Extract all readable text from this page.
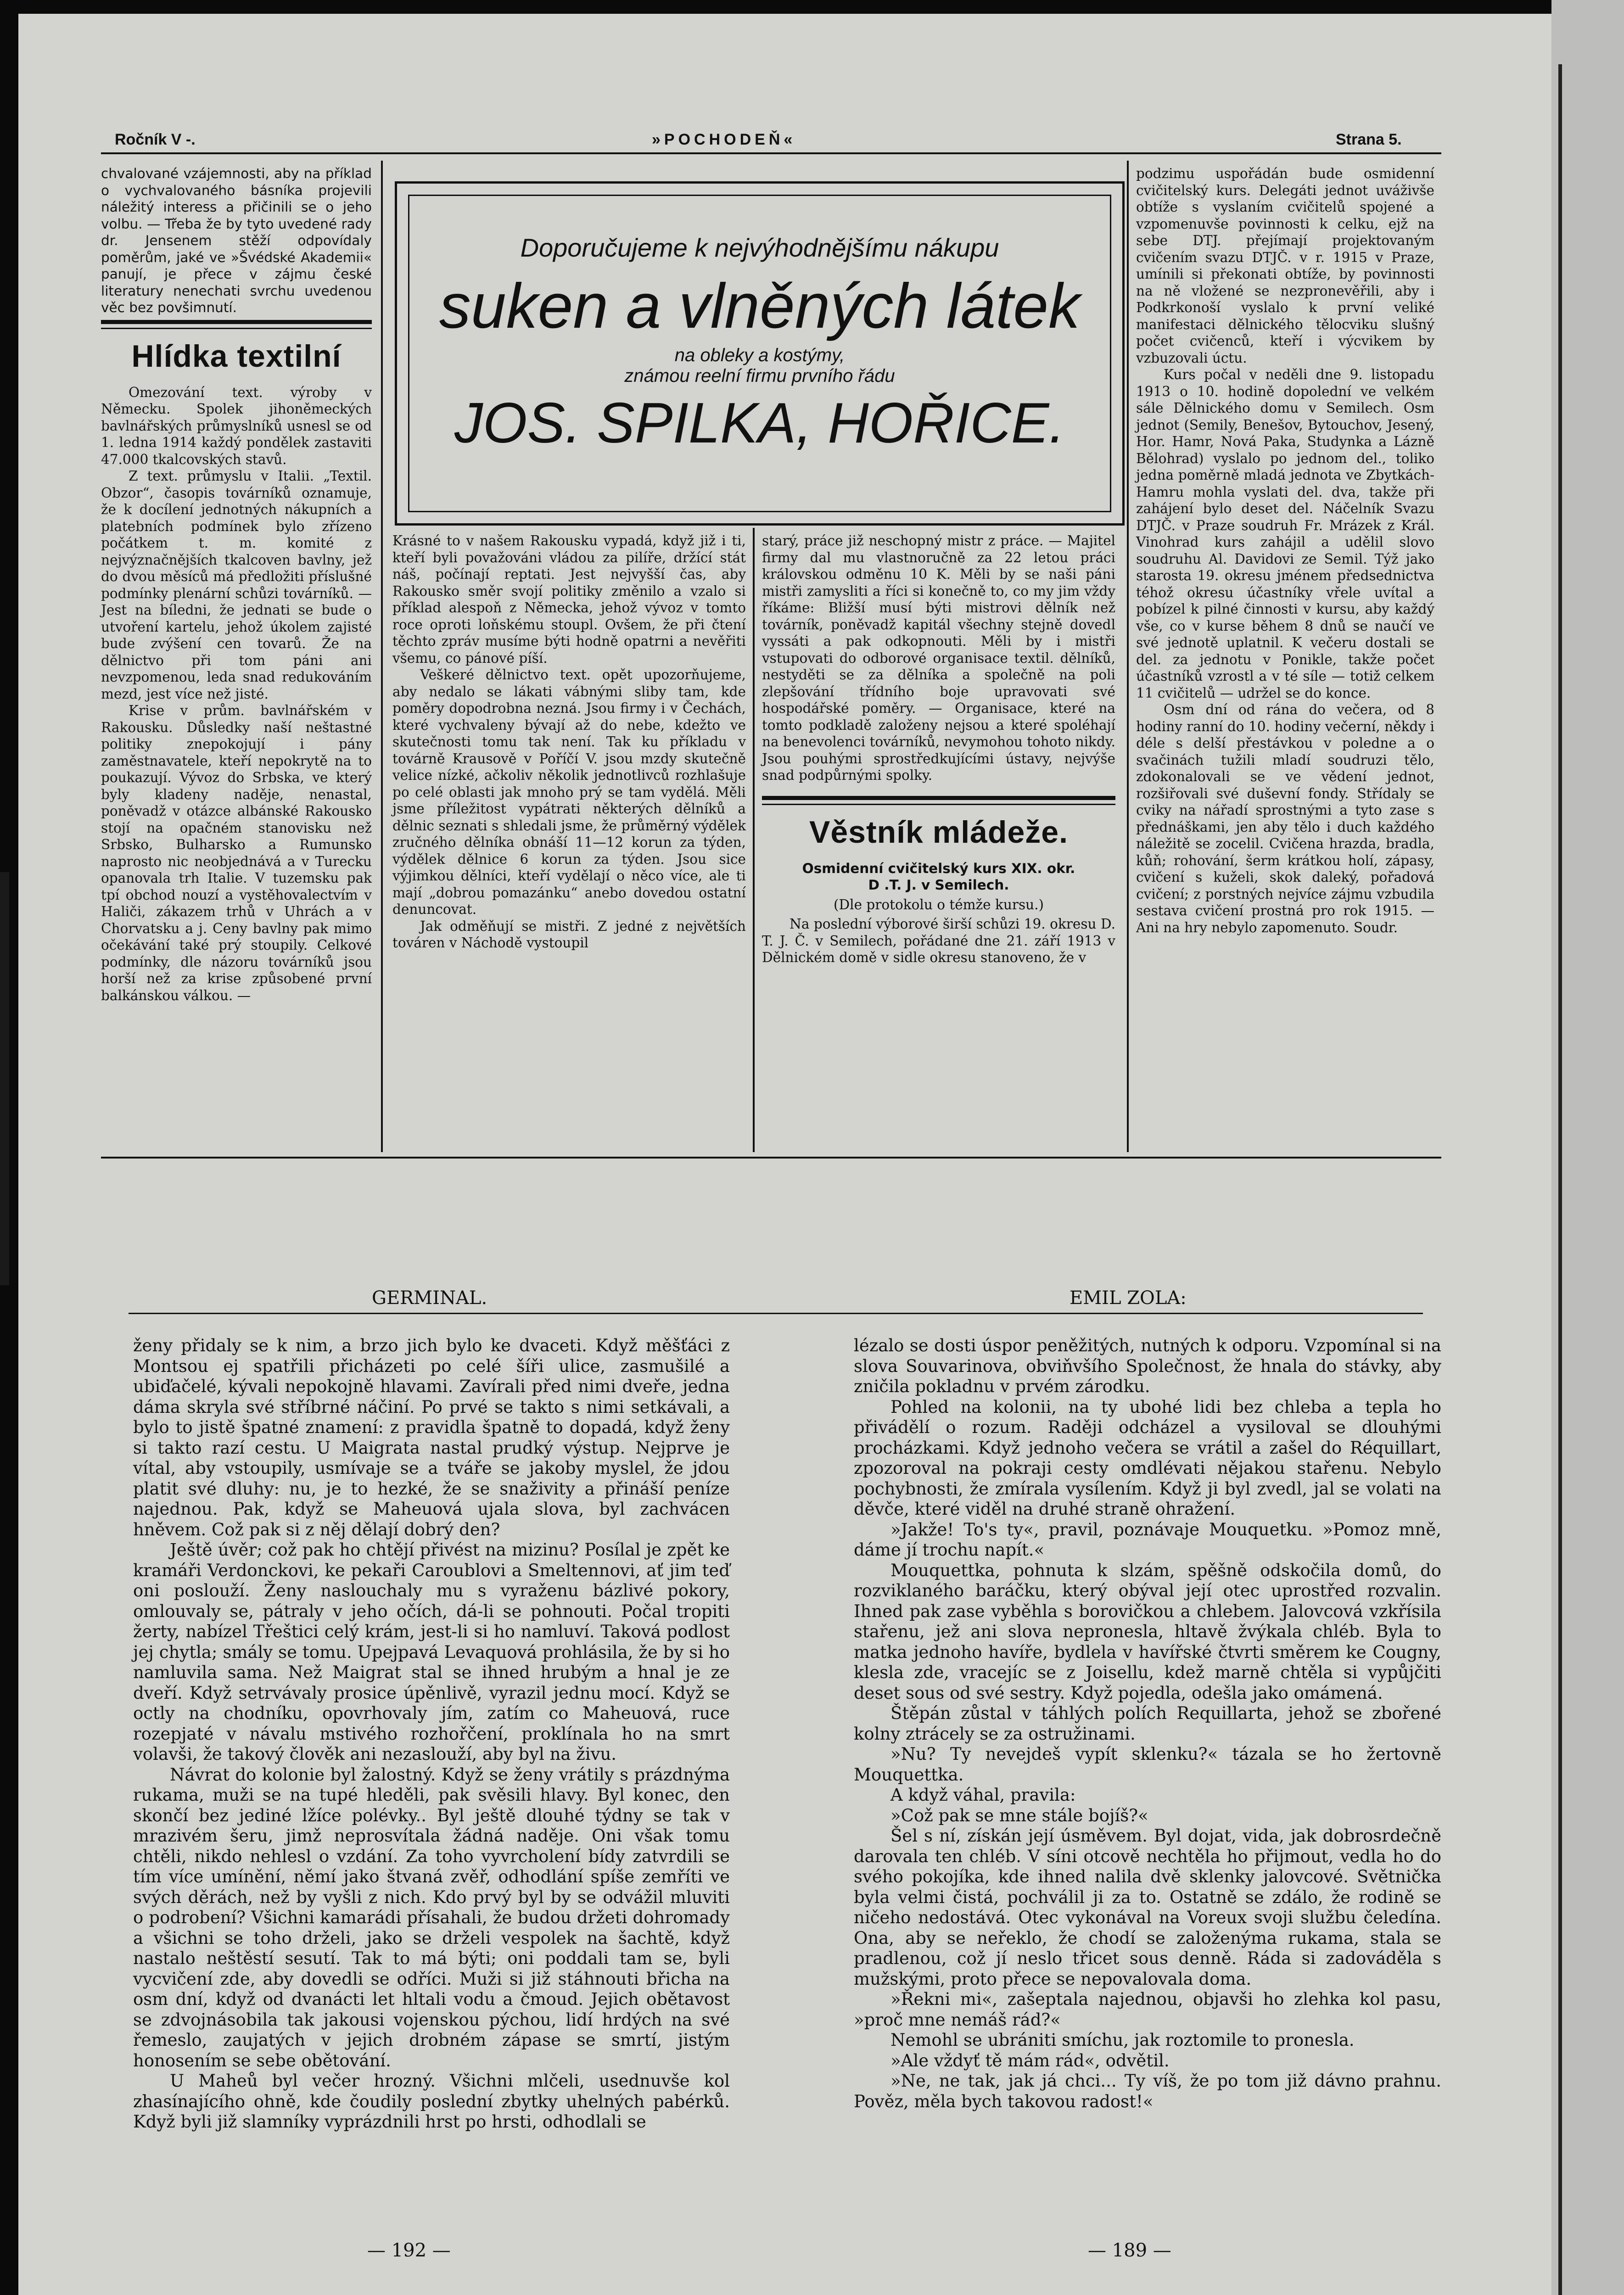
Ročník V -.	»POCHODEŇ«	Strana 5.

chvalované vzájemnosti, aby na příklad o vychvalovaného básníka projevili náležitý interess a přičinili se o jeho volbu. — Třeba že by tyto uvedené rady dr. Jensenem stěží odpovídaly poměrům, jaké ve »Švédské Akademii« panují, je přece v zájmu české literatury nenechati svrchu uvedenou věc bez povšimnutí.

Hlídka textilní

Omezování text. výroby v Německu. Spolek jihoněmeckých bavlnářských průmyslníků usnesl se od 1. ledna 1914 každý pondělek zastaviti 47.000 tkalcovských stavů.

Z text. průmyslu v Italii. „Textil. Obzor“, časopis továrníků oznamuje, že k docílení jednotných nákupních a platebních podmínek bylo zřízeno počátkem t. m. komité z nejvýznačnějších tkalcoven bavlny, jež do dvou měsíců má předložiti příslušné podmínky plenární schůzi továrníků. — Jest na bíledni, že jednati se bude o utvoření kartelu, jehož úkolem zajisté bude zvýšení cen tovarů. Že na dělnictvo při tom páni ani nevzpomenou, leda snad redukováním mezd, jest více než jisté.

Krise v prům. bavlnářském v Rakousku. Důsledky naší neštastné politiky znepokojují i pány zaměstnavatele, kteří nepokrytě na to poukazují. Vývoz do Srbska, ve který byly kladeny naděje, nenastal, poněvadž v otázce albánské Rakousko stojí na opačném stanovisku než Srbsko, Bulharsko a Rumunsko naprosto nic neobjednává a v Turecku opanovala trh Italie. V tuzemsku pak tpí obchod nouzí a vystěhovalectvím v Haliči, zákazem trhů v Uhrách a v Chorvatsku a j. Ceny bavlny pak mimo očekávání také prý stoupily. Celkové podmínky, dle názoru továrníků jsou horší než za krise způsobené první balkánskou válkou. —

Doporučujeme k nejvýhodnějšímu nákupu
suken a vlněných látek
na obleky a kostýmy,
známou reelní firmu prvního řádu
JOS. SPILKA, HOŘICE.

Krásné to v našem Rakousku vypadá, když již i ti, kteří byli považováni vládou za pilíře, držící stát náš, počínají reptati. Jest nejvyšší čas, aby Rakousko směr svojí politiky změnilo a vzalo si příklad alespoň z Německa, jehož vývoz v tomto roce oproti loňskému stoupl. Ovšem, že při čtení těchto zpráv musíme býti hodně opatrni a nevěřiti všemu, co pánové píší.

Veškeré dělnictvo text. opět upozorňujeme, aby nedalo se lákati vábnými sliby tam, kde poměry dopodrobna nezná. Jsou firmy i v Čechách, které vychvaleny bývají až do nebe, kdežto ve skutečnosti tomu tak není. Tak ku příkladu v továrně Krausově v Poříčí V. jsou mzdy skutečně velice nízké, ačkoliv několik jednotlivců rozhlašuje po celé oblasti jak mnoho prý se tam vydělá. Měli jsme příležitost vypátrati některých dělníků a dělnic seznati s shledali jsme, že průměrný výdělek zručného dělníka obnáší 11—12 korun za týden, výdělek dělnice 6 korun za týden. Jsou sice výjimkou dělníci, kteří vydělají o něco více, ale ti mají „dobrou pomazánku“ anebo dovedou ostatní denuncovat.

Jak odměňují se mistři. Z jedné z největších továren v Náchodě vystoupil

starý, práce již neschopný mistr z práce. — Majitel firmy dal mu vlastnoručně za 22 letou práci královskou odměnu 10 K. Měli by se naši páni mistři zamysliti a říci si konečně to, co my jim vždy říkáme: Bližší musí býti mistrovi dělník než továrník, poněvadž kapitál všechny stejně dovedl vyssáti a pak odkopnouti. Měli by i mistři vstupovati do odborové organisace textil. dělníků, nestyděti se za dělníka a společně na poli zlepšování třídního boje upravovati své hospodářské poměry. — Organisace, které na tomto podkladě založeny nejsou a které spoléhají na benevolenci továrníků, nevymohou tohoto nikdy. Jsou pouhými sprostředkujícími ústavy, nejvýše snad podpůrnými spolky.

Věstník mládeže.
Osmidenní cvičitelský kurs XIX. okr.
D .T. J. v Semilech.
(Dle protokolu o témže kursu.)

Na poslední výborové širší schůzi 19. okresu D. T. J. Č. v Semilech, pořádané dne 21. září 1913 v Dělnickém domě v sidle okresu stanoveno, že v

podzimu uspořádán bude osmidenní cvičitelský kurs. Delegáti jednot uváživše obtíže s vyslaním cvičitelů spojené a vzpomenuvše povinnosti k celku, ejž na sebe DTJ. přejímají projektovaným cvičením svazu DTJČ. v r. 1915 v Praze, umínili si překonati obtíže, by povinnosti na ně vložené se nezpronevěřili, aby i Podkrkonoší vyslalo k první veliké manifestaci dělnického tělocviku slušný počet cvičenců, kteří i výcvikem by vzbuzovali úctu.

Kurs počal v neděli dne 9. listopadu 1913 o 10. hodině dopolední ve velkém sále Dělnického domu v Semilech. Osm jednot (Semily, Benešov, Bytouchov, Jesený, Hor. Hamr, Nová Paka, Studynka a Lázně Bělohrad) vyslalo po jednom del., toliko jedna poměrně mladá jednota ve Zbytkách-Hamru mohla vyslati del. dva, takže při zahájení bylo deset del. Náčelník Svazu DTJČ. v Praze soudruh Fr. Mrázek z Král. Vinohrad kurs zahájil a udělil slovo soudruhu Al. Davidovi ze Semil. Týž jako starosta 19. okresu jménem předsednictva téhož okresu účastníky vřele uvítal a pobízel k pilné činnosti v kursu, aby každý vše, co v kurse během 8 dnů se naučí ve své jednotě uplatnil. K večeru dostali se del. za jednotu v Ponikle, takže počet účastníků vzrostl a v té síle — totiž celkem 11 cvičitelů — udržel se do konce.

Osm dní od rána do večera, od 8 hodiny ranní do 10. hodiny večerní, někdy i déle s delší přestávkou v poledne a o svačinách tužili mladí soudruzi tělo, zdokonalovali se ve vědení jednot, rozšiřovali své duševní fondy. Střídaly se cviky na nářadí sprostnými a tyto zase s přednáškami, jen aby tělo i duch každého náležitě se zocelil. Cvičena hrazda, bradla, kůň; rohování, šerm krátkou holí, zápasy, cvičení s kuželi, skok daleký, pořadová cvičení; z porstných nejvíce zájmu vzbudila sestava cvičení prostná pro rok 1915. — Ani na hry nebylo zapomenuto. Soudr.

GERMINAL.	EMIL ZOLA:

ženy přidaly se k nim, a brzo jich bylo ke dvaceti. Když měšťáci z Montsou ej spatřili přicházeti po celé šíři ulice, zasmušilé a ubiďačelé, kývali nepokojně hlavami. Zavírali před nimi dveře, jedna dáma skryla své stříbrné náčiní. Po prvé se takto s nimi setkávali, a bylo to jistě špatné znamení: z pravidla špatně to dopadá, když ženy si takto razí cestu. U Maigrata nastal prudký výstup. Nejprve je vítal, aby vstoupily, usmívaje se a tváře se jakoby myslel, že jdou platit své dluhy: nu, je to hezké, že se snaživity a přináší peníze najednou. Pak, když se Maheuová ujala slova, byl zachvácen hněvem. Což pak si z něj dělají dobrý den?

Ještě úvěr; což pak ho chtějí přivést na mizinu? Posílal je zpět ke kramáři Verdonckovi, ke pekaři Caroublovi a Smeltennovi, ať jim teď oni poslouží. Ženy naslouchaly mu s vyraženu bázlivé pokory, omlouvaly se, pátraly v jeho očích, dá-li se pohnouti. Počal tropiti žerty, nabízel Třeštici celý krám, jest-li si ho namluví. Taková podlost jej chytla; smály se tomu. Upejpavá Levaquová prohlásila, že by si ho namluvila sama. Než Maigrat stal se ihned hrubým a hnal je ze dveří. Když setrvávaly prosice úpěnlivě, vyrazil jednu mocí. Když se octly na chodníku, opovrhovaly jím, zatím co Maheuová, ruce rozepjaté v návalu mstivého rozhořčení, proklínala ho na smrt volavši, že takový člověk ani nezaslouží, aby byl na živu.

Návrat do kolonie byl žalostný. Když se ženy vrátily s prázdnýma rukama, muži se na tupé hleděli, pak svěsili hlavy. Byl konec, den skončí bez jediné lžíce polévky.. Byl ještě dlouhé týdny se tak v mrazivém šeru, jimž neprosvítala žádná naděje. Oni však tomu chtěli, nikdo nehlesl o vzdání. Za toho vyvrcholení bídy zatvrdili se tím více umínění, němí jako štvaná zvěř, odhodlání spíše zemříti ve svých děrách, než by vyšli z nich. Kdo prvý byl by se odvážil mluviti o podrobení? Všichni kamarádi přísahali, že budou držeti dohromady a všichni se toho drželi, jako se drželi vespolek na šachtě, když nastalo neštěstí sesutí. Tak to má býti; oni poddali tam se, byli vycvičení zde, aby dovedli se odříci. Muži si již stáhnouti břicha na osm dní, když od dvanácti let hltali vodu a čmoud. Jejich obětavost se zdvojnásobila tak jakousi vojenskou pýchou, lidí hrdých na své řemeslo, zaujatých v jejich drobném zápase se smrtí, jistým honosením se sebe obětování.

U Maheů byl večer hrozný. Všichni mlčeli, usednuvše kol zhasínajícího ohně, kde čoudily poslední zbytky uhelných pabérků. Když byli již slamníky vyprázdnili hrst po hrsti, odhodlali se

lézalo se dosti úspor peněžitých, nutných k odporu. Vzpomínal si na slova Souvarinova, obviňvšího Společnost, že hnala do stávky, aby zničila pokladnu v prvém zárodku.

Pohled na kolonii, na ty ubohé lidi bez chleba a tepla ho přivádělí o rozum. Raději odcházel a vysiloval se dlouhými procházkami. Když jednoho večera se vrátil a zašel do Réquillart, zpozoroval na pokraji cesty omdlévati nějakou stařenu. Nebylo pochybnosti, že zmírala vysílením. Když ji byl zvedl, jal se volati na děvče, které viděl na druhé straně ohražení.

»Jakže! To's ty«, pravil, poznávaje Mouquetku. »Pomoz mně, dáme jí trochu napít.«

Mouquettka, pohnuta k slzám, spěšně odskočila domů, do rozviklaného baráčku, který obýval její otec uprostřed rozvalin. Ihned pak zase vyběhla s borovičkou a chlebem. Jalovcová vzkřísila stařenu, jež ani slova neprones​la, hltavě žvýkala chléb. Byla to matka jednoho havíře, bydlela v havířské čtvrti směrem ke Cougny, klesla zde, vracejíc se z Joisellu, kdež marně chtěla si vypůjčiti deset sous od své sestry. Když pojedla, odešla jako omámená.

Štěpán zůstal v táhlých polích Requillarta, jehož se zbořené kolny ztrácely se za ostružinami.

»Nu? Ty nevejdeš vypít sklenku?« tázala se ho žertovně Mouquettka.

A když váhal, pravila:

»Což pak se mne stále bojíš?«

Šel s ní, získán její úsměvem. Byl dojat, vida, jak dobrosrdečně darovala ten chléb. V síni otcově nechtěla ho přijmout, vedla ho do svého pokojíka, kde ihned nalila dvě sklenky jalovcové. Světnička byla velmi čistá, pochválil ji za to. Ostatně se zdálo, že rodině se ničeho nedostává. Otec vykonával na Voreux svoji službu čeledína. Ona, aby se neřeklo, že chodí se založenýma rukama, stala se pradlenou, což jí neslo třicet sous denně. Ráda si zadováděla s mužskými, proto přece se nepovalovala doma.

»Řekni mi«, zašeptala najednou, objavši ho zlehka kol pasu, »proč mne nemáš rád?«

Nemohl se ubrániti smíchu, jak roztomile to pronesla.

»Ale vždyť tě mám rád«, odvětil.

»Ne, ne tak, jak já chci... Ty víš, že po tom již dávno prahnu. Pověz, měla bych takovou radost!«

— 192 —	— 189 —
